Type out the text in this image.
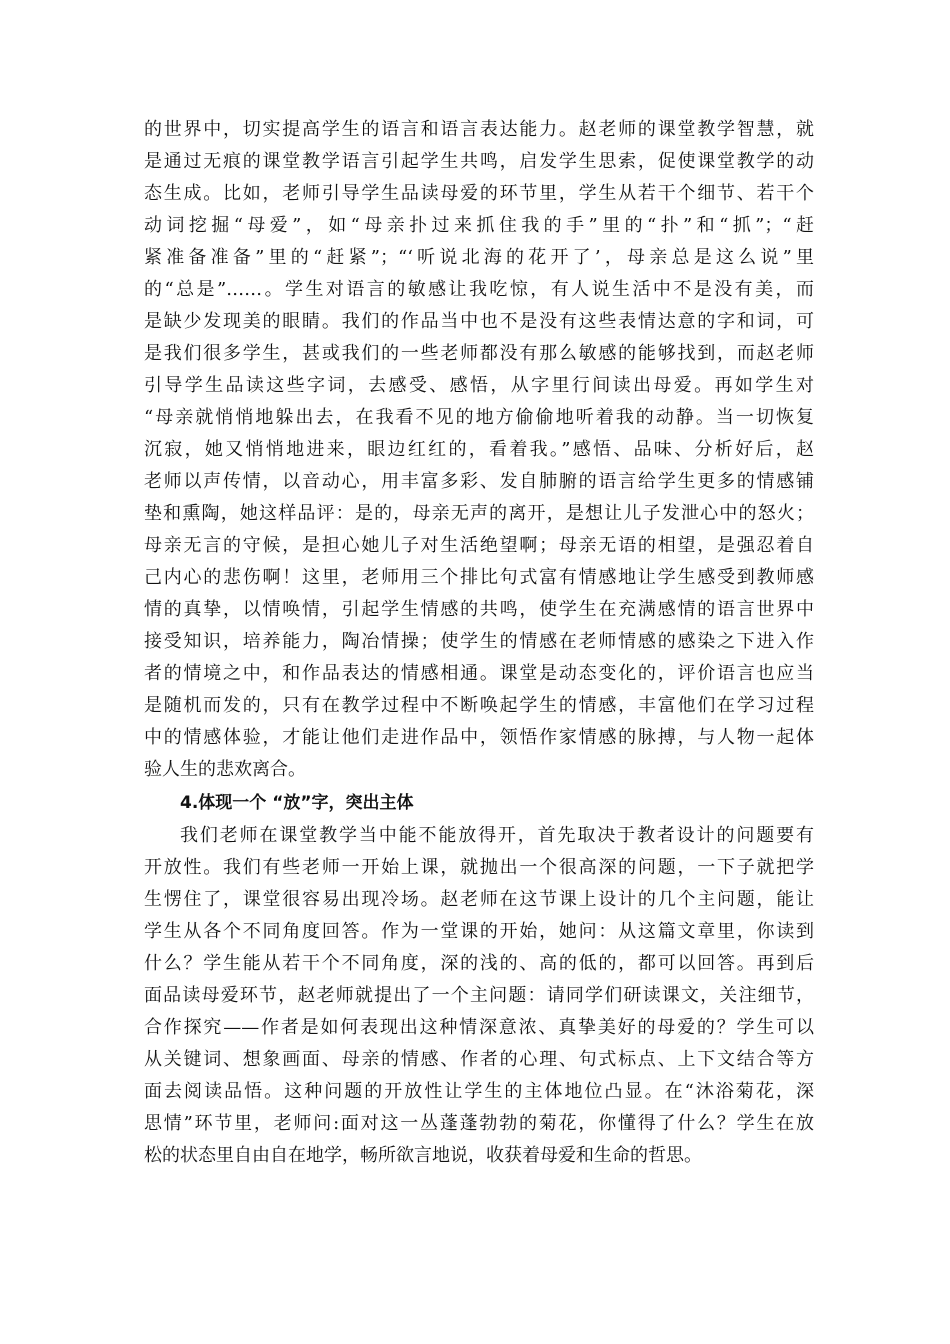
的世界中，切实提高学生的语言和语言表达能力。赵老师的课堂教学智慧，就
是通过无痕的课堂教学语言引起学生共鸣，启发学生思索，促使课堂教学的动
态生成。比如，老师引导学生品读母爱的环节里，学生从若干个细节、若干个
动词挖掘“母爱”，如“母亲扑过来抓住我的手”里的“扑”和“抓”；“赶
紧准备准备”里的“赶紧”；“‘听说北海的花开了’，母亲总是这么说”里
的“总是”……。学生对语言的敏感让我吃惊，有人说生活中不是没有美，而
是缺少发现美的眼睛。我们的作品当中也不是没有这些表情达意的字和词，可
是我们很多学生，甚或我们的一些老师都没有那么敏感的能够找到，而赵老师
引导学生品读这些字词，去感受、感悟，从字里行间读出母爱。再如学生对
“母亲就悄悄地躲出去，在我看不见的地方偷偷地听着我的动静。当一切恢复
沉寂，她又悄悄地进来，眼边红红的，看着我。”感悟、品味、分析好后，赵
老师以声传情，以音动心，用丰富多彩、发自肺腑的语言给学生更多的情感铺
垫和熏陶，她这样品评：是的，母亲无声的离开，是想让儿子发泄心中的怒火；
母亲无言的守候，是担心她儿子对生活绝望啊；母亲无语的相望，是强忍着自
己内心的悲伤啊！这里，老师用三个排比句式富有情感地让学生感受到教师感
情的真挚，以情唤情，引起学生情感的共鸣，使学生在充满感情的语言世界中
接受知识，培养能力，陶冶情操；使学生的情感在老师情感的感染之下进入作
者的情境之中，和作品表达的情感相通。课堂是动态变化的，评价语言也应当
是随机而发的，只有在教学过程中不断唤起学生的情感，丰富他们在学习过程
中的情感体验，才能让他们走进作品中，领悟作家情感的脉搏，与人物一起体
验人生的悲欢离合。
4.体现一个 “放”字，突出主体
我们老师在课堂教学当中能不能放得开，首先取决于教者设计的问题要有
开放性。我们有些老师一开始上课，就抛出一个很高深的问题，一下子就把学
生愣住了，课堂很容易出现冷场。赵老师在这节课上设计的几个主问题，能让
学生从各个不同角度回答。作为一堂课的开始，她问：从这篇文章里，你读到
什么？学生能从若干个不同角度，深的浅的、高的低的，都可以回答。再到后
面品读母爱环节，赵老师就提出了一个主问题：请同学们研读课文，关注细节，
合作探究——作者是如何表现出这种情深意浓、真挚美好的母爱的？学生可以
从关键词、想象画面、母亲的情感、作者的心理、句式标点、上下文结合等方
面去阅读品悟。这种问题的开放性让学生的主体地位凸显。在“沐浴菊花，深
思情”环节里，老师问:面对这一丛蓬蓬勃勃的菊花，你懂得了什么？学生在放
松的状态里自由自在地学，畅所欲言地说，收获着母爱和生命的哲思。
